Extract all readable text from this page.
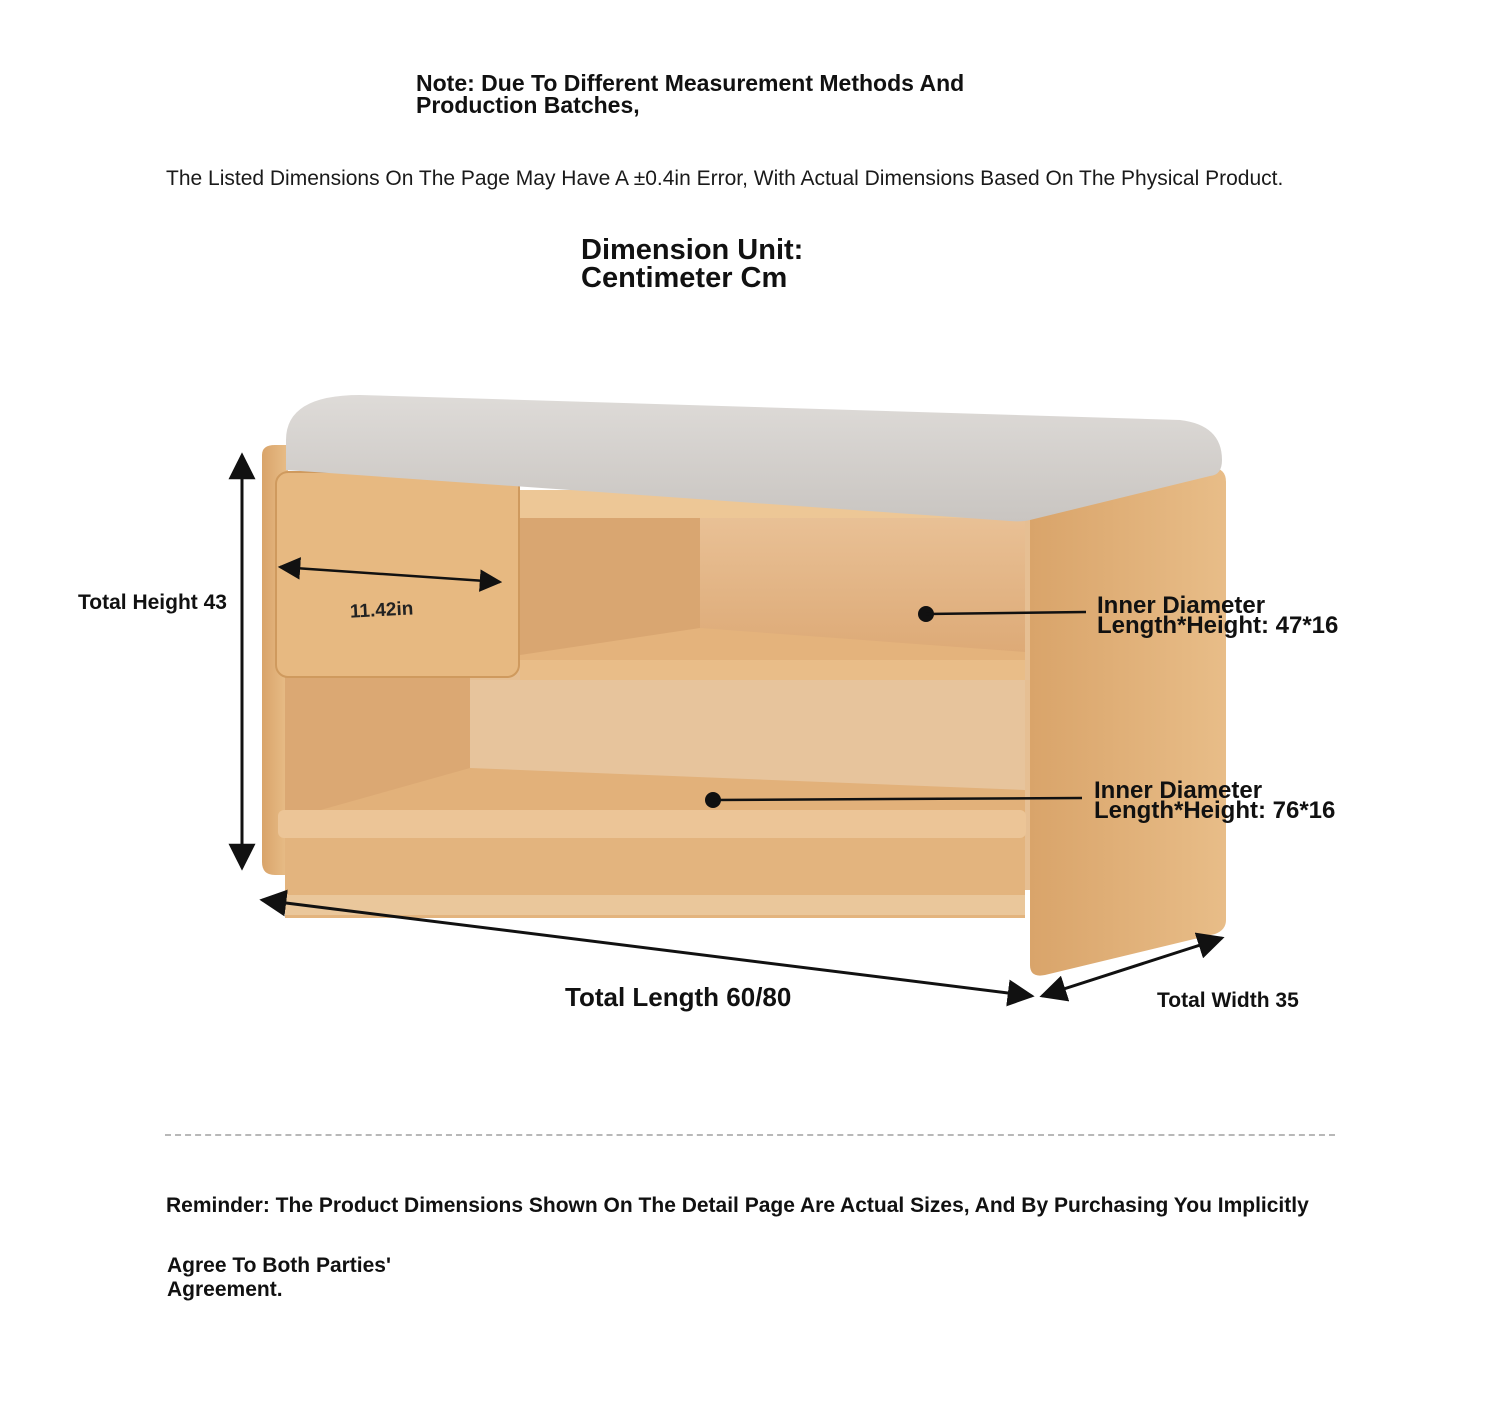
Note: Due To Different Measurement Methods And Production Batches,

The Listed Dimensions On The Page May Have A ±0.4in Error, With Actual Dimensions Based On The Physical Product.

Dimension Unit: Centimeter Cm

11.42in

Total Height 43

Total Length 60/80	Total Width 35

Inner Diameter Length*Height: 47*16

Inner Diameter Length*Height: 76*16

Reminder: The Product Dimensions Shown On The Detail Page Are Actual Sizes, And By Purchasing You Implicitly

Agree To Both Parties' Agreement.
